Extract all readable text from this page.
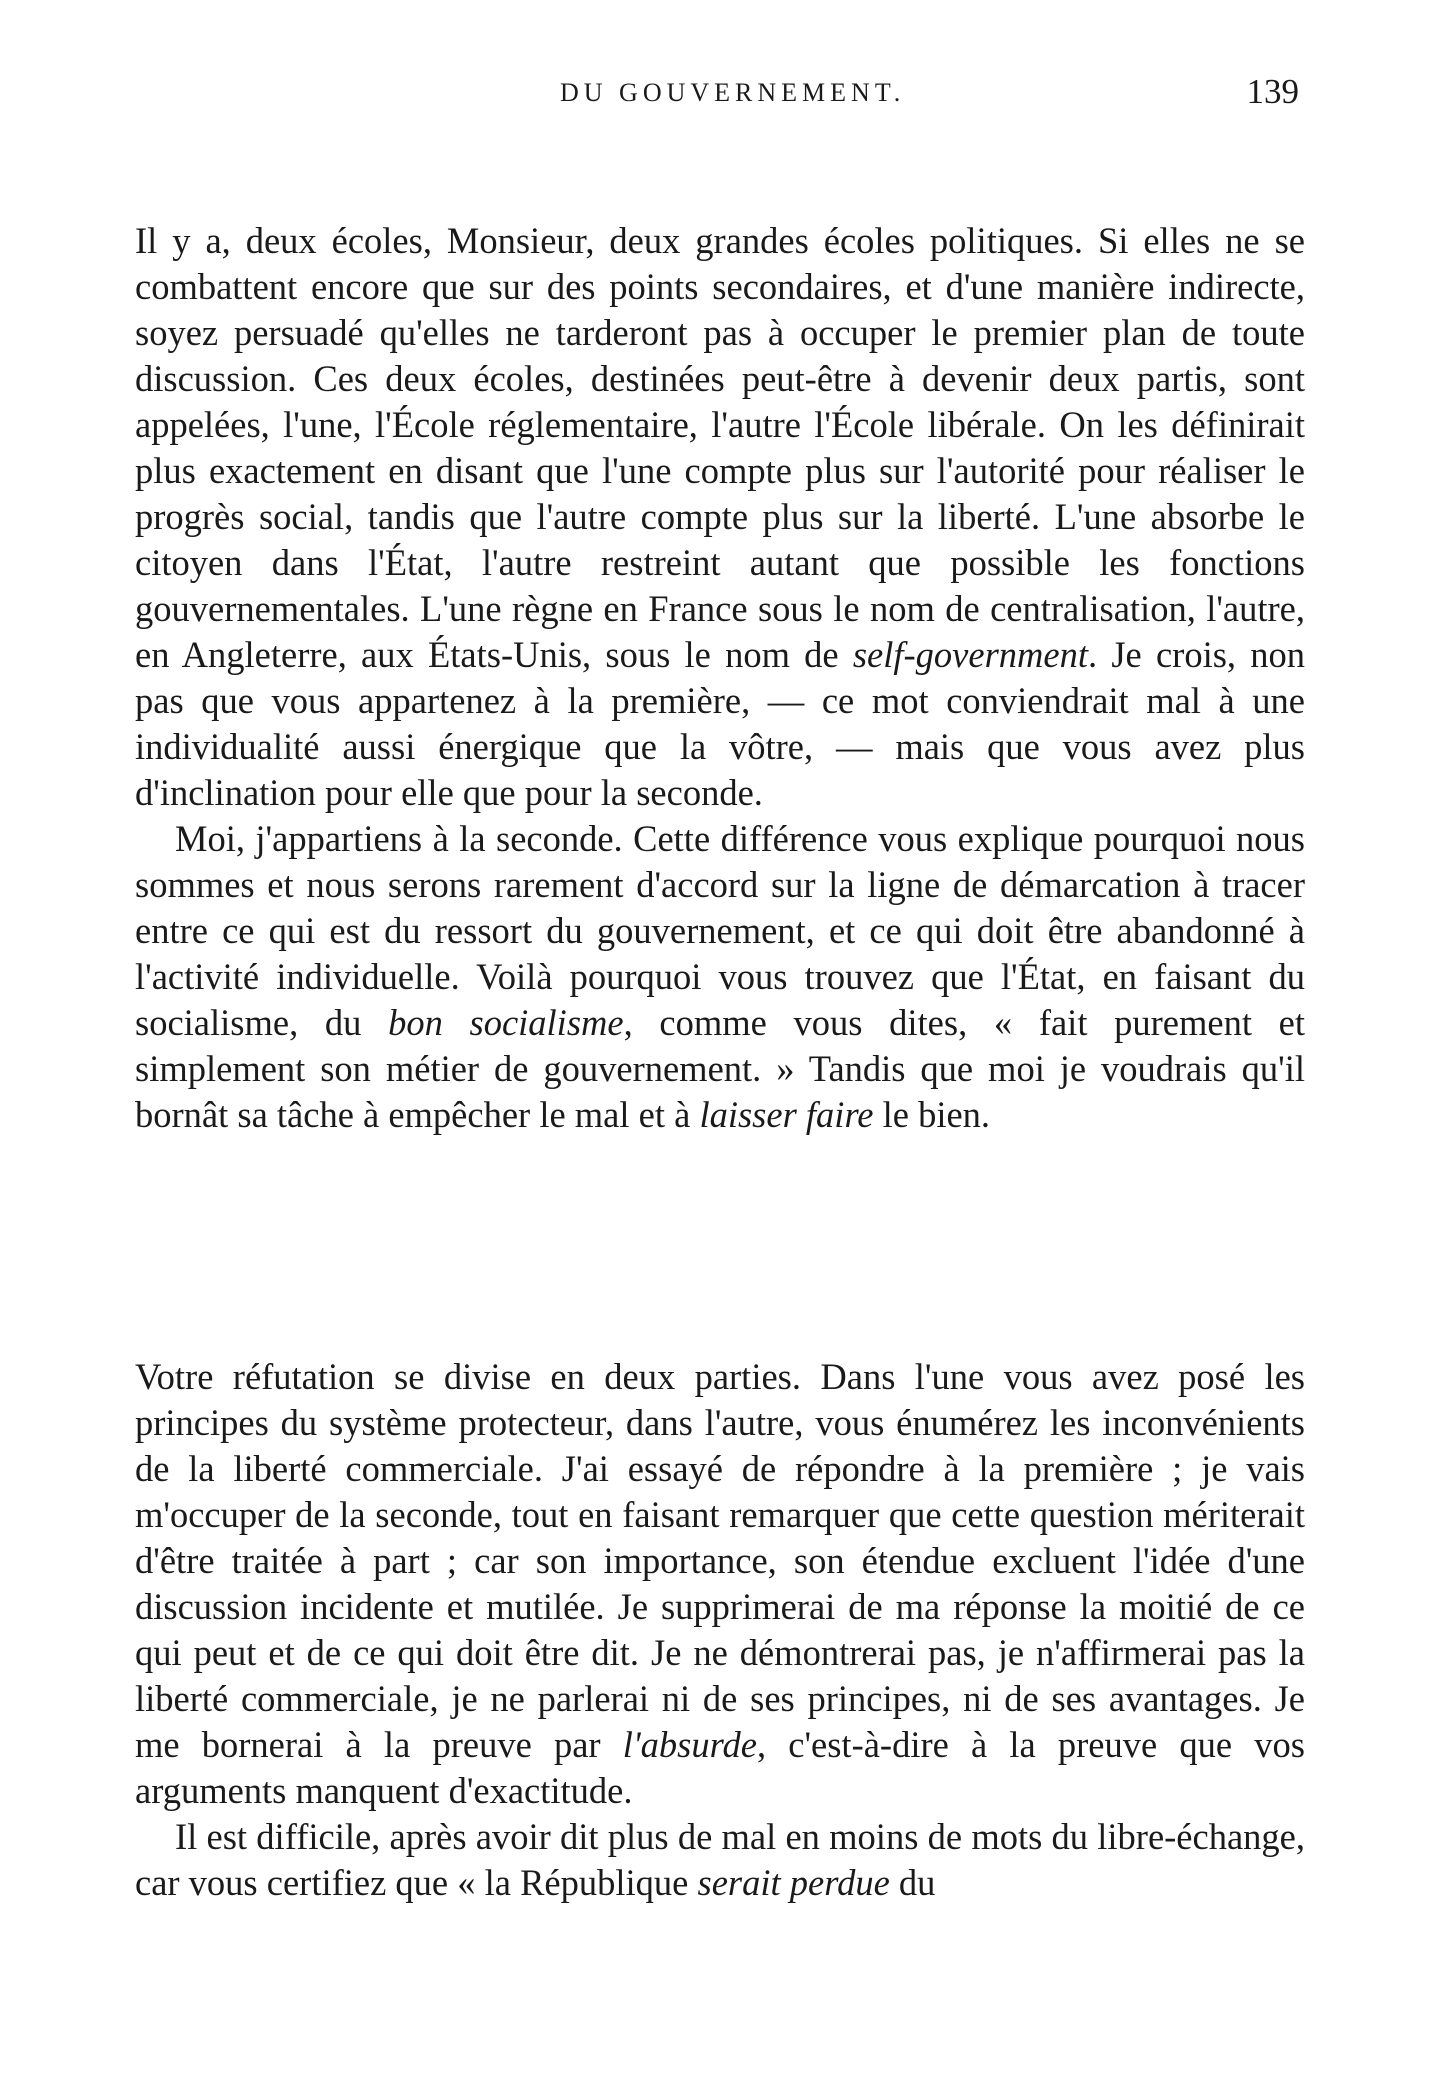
DU GOUVERNEMENT.	139

Il y a, deux écoles, Monsieur, deux grandes écoles politiques. Si elles ne se combattent encore que sur des points secondaires, et d'une manière indirecte, soyez persuadé qu'elles ne tarderont pas à occuper le premier plan de toute discussion. Ces deux écoles, destinées peut-être à devenir deux partis, sont appelées, l'une, l'École réglementaire, l'autre l'École libérale. On les définirait plus exactement en disant que l'une compte plus sur l'autorité pour réaliser le progrès social, tandis que l'autre compte plus sur la liberté. L'une absorbe le citoyen dans l'État, l'autre restreint autant que possible les fonctions gouvernementales. L'une règne en France sous le nom de centralisation, l'autre, en Angleterre, aux États-Unis, sous le nom de self-government. Je crois, non pas que vous appartenez à la première, — ce mot conviendrait mal à une individualité aussi énergique que la vôtre, — mais que vous avez plus d'inclination pour elle que pour la seconde.

Moi, j'appartiens à la seconde. Cette différence vous explique pourquoi nous sommes et nous serons rarement d'accord sur la ligne de démarcation à tracer entre ce qui est du ressort du gouvernement, et ce qui doit être abandonné à l'activité individuelle. Voilà pourquoi vous trouvez que l'État, en faisant du socialisme, du bon socialisme, comme vous dites, « fait purement et simplement son métier de gouvernement. » Tandis que moi je voudrais qu'il bornât sa tâche à empêcher le mal et à laisser faire le bien.

Votre réfutation se divise en deux parties. Dans l'une vous avez posé les principes du système protecteur, dans l'autre, vous énumérez les inconvénients de la liberté commerciale. J'ai essayé de répondre à la première ; je vais m'occuper de la seconde, tout en faisant remarquer que cette question mériterait d'être traitée à part ; car son importance, son étendue excluent l'idée d'une discussion incidente et mutilée. Je supprimerai de ma réponse la moitié de ce qui peut et de ce qui doit être dit. Je ne démontrerai pas, je n'affirmerai pas la liberté commerciale, je ne parlerai ni de ses principes, ni de ses avantages. Je me bornerai à la preuve par l'absurde, c'est-à-dire à la preuve que vos arguments manquent d'exactitude.

Il est difficile, après avoir dit plus de mal en moins de mots du libre-échange, car vous certifiez que « la République serait perdue du
